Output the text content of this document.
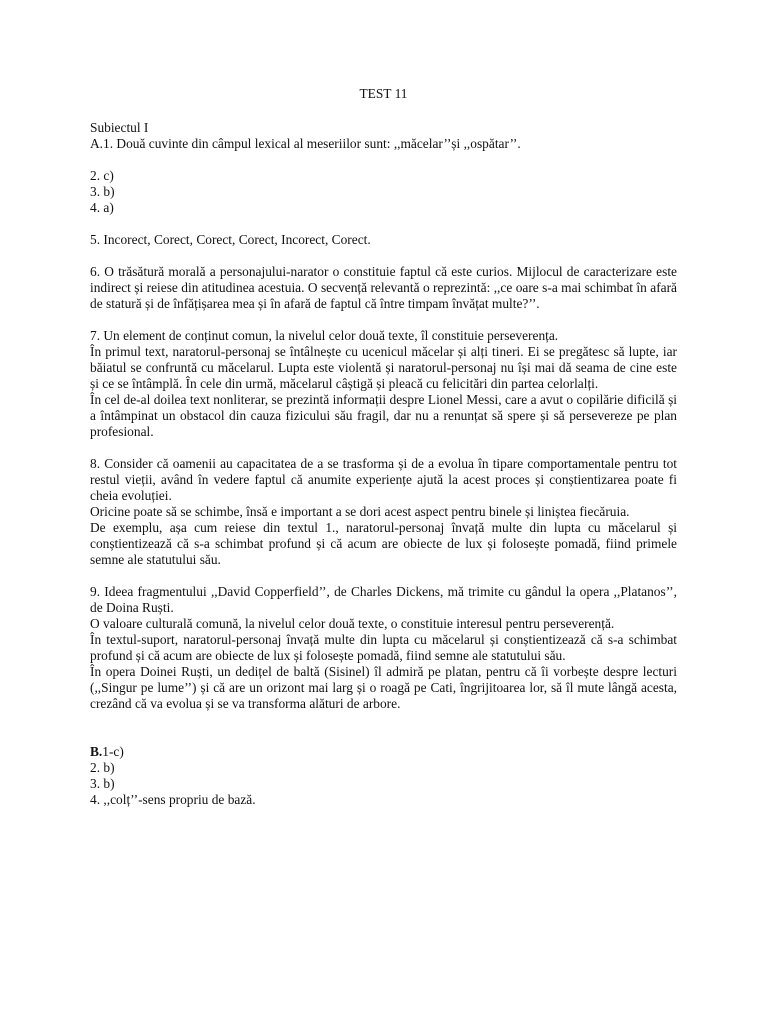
TEST 11

Subiectul I

A.1. Două cuvinte din câmpul lexical al meseriilor sunt: ,,măcelar’’și ,,ospătar’’.

2. c)

3. b)

4. a)

5. Incorect, Corect, Corect, Corect, Incorect, Corect.

6. O trăsătură morală a personajului-narator o constituie faptul că este curios. Mijlocul de caracterizare este indirect și reiese din atitudinea acestuia. O secvență relevantă o reprezintă: ,,ce oare s-a mai schimbat în afară de statură și de înfățișarea mea și în afară de faptul că între timpam învățat multe?’’.

7. Un element de conținut comun, la nivelul celor două texte, îl constituie perseverența.

În primul text, naratorul-personaj se întâlnește cu ucenicul măcelar și alți tineri. Ei se pregătesc să lupte, iar băiatul se confruntă cu măcelarul. Lupta este violentă și naratorul-personaj nu își mai dă seama de cine este și ce se întâmplă. În cele din urmă, măcelarul câștigă și pleacă cu felicitări din partea celorlalți.

În cel de-al doilea text nonliterar, se prezintă informații despre Lionel Messi, care a avut o copilărie dificilă și a întâmpinat un obstacol din cauza fizicului său fragil, dar nu a renunțat să spere și să persevereze pe plan profesional.

8. Consider că oamenii au capacitatea de a se trasforma și de a evolua în tipare comportamentale pentru tot restul vieții, având în vedere faptul că anumite experiențe ajută la acest proces și conștientizarea poate fi cheia evoluției.

Oricine poate să se schimbe, însă e important a se dori acest aspect pentru binele și liniștea fiecăruia.

De exemplu, așa cum reiese din textul 1., naratorul-personaj învață multe din lupta cu măcelarul și conștientizează că s-a schimbat profund și că acum are obiecte de lux și folosește pomadă, fiind primele semne ale statutului său.

9. Ideea fragmentului ,,David Copperfield’’, de Charles Dickens, mă trimite cu gândul la opera ,,Platanos’’, de Doina Ruști.

O valoare culturală comună, la nivelul celor două texte, o constituie interesul pentru perseverență.

În textul-suport, naratorul-personaj învață multe din lupta cu măcelarul și conștientizează că s-a schimbat profund și că acum are obiecte de lux și folosește pomadă, fiind semne ale statutului său.

În opera Doinei Ruști, un dedițel de baltă (Sisinel) îl admiră pe platan, pentru că îi vorbește despre lecturi (,,Singur pe lume’’) și că are un orizont mai larg și o roagă pe Cati, îngrijitoarea lor, să îl mute lângă acesta, crezând că va evolua și se va transforma alături de arbore.

B.1-c)

2. b)

3. b)

4. ,,colț’’-sens propriu de bază.
